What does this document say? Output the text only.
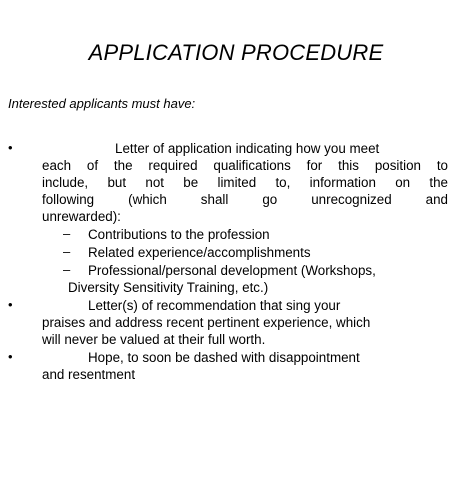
APPLICATION PROCEDURE
Interested applicants must have:
•	Letter of application indicating how you meet
each of the required qualifications for this position to
include, but not be limited to, information on the
following (which shall go unrecognized and
unrewarded):
– Contributions to the profession
– Related experience/accomplishments
– Professional/personal development (Workshops,
Diversity Sensitivity Training, etc.)
•	Letter(s) of recommendation that sing your
praises and address recent pertinent experience, which
will never be valued at their full worth.
•	Hope, to soon be dashed with disappointment
and resentment
